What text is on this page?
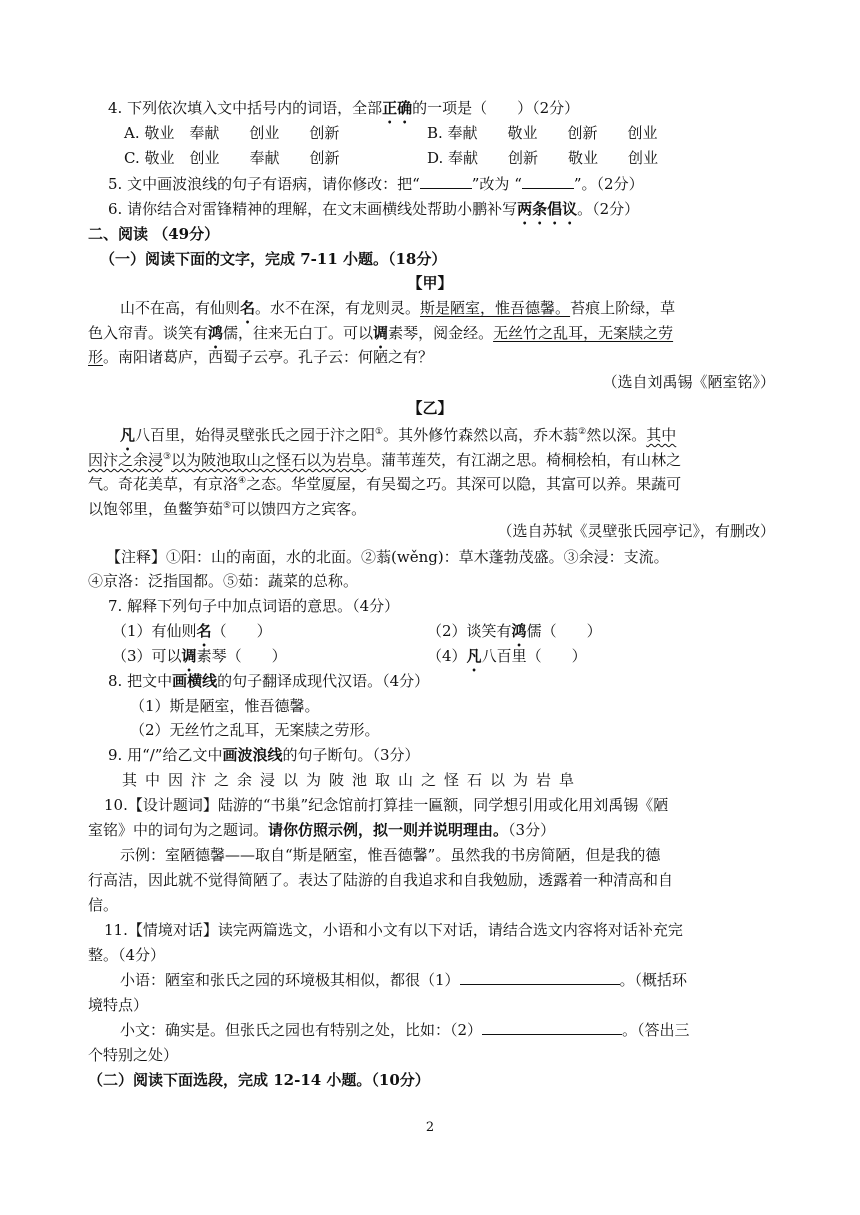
4. 下列依次填入文中括号内的词语，全部正确的一项是（　　）（2分）
A. 敬业　奉献　　创业　　创新	B. 奉献　　敬业　　创新　　创业
C. 敬业　创业　　奉献　　创新	D. 奉献　　创新　　敬业　　创业
5. 文中画波浪线的句子有语病，请你修改：把“	”改为 “	”。（2分）
6. 请你结合对雷锋精神的理解，在文末画横线处帮助小鹏补写两条倡议。（2分）
二、阅读 （49分）
（一）阅读下面的文字，完成 7-11 小题。（18分）
【甲】
山不在高，有仙则名。水不在深，有龙则灵。斯是陋室，惟吾德馨。苔痕上阶绿，草
色入帘青。谈笑有鸿儒，往来无白丁。可以调素琴，阅金经。无丝竹之乱耳，无案牍之劳
形。南阳诸葛庐，西蜀子云亭。孔子云：何陋之有？
（选自刘禹锡《陋室铭》）
【乙】
凡八百里，始得灵壁张氏之园于汴之阳①。其外修竹森然以高，乔木蓊②然以深。其中
因汴之余浸③以为陂池取山之怪石以为岩阜。蒲苇莲芡，有江湖之思。椅桐桧柏，有山林之
气。奇花美草，有京洛④之态。华堂厦屋，有吴蜀之巧。其深可以隐，其富可以养。果蔬可
以饱邻里，鱼鳖笋茹⑤可以馈四方之宾客。
（选自苏轼《灵壁张氏园亭记》，有删改）
【注释】①阳：山的南面，水的北面。②蓊(wěng)：草木蓬勃茂盛。③余浸：支流。
④京洛：泛指国都。⑤茹：蔬菜的总称。
7. 解释下列句子中加点词语的意思。（4分）
（1）有仙则名（　　）	（2）谈笑有鸿儒（　　）
（3）可以调素琴（　　）	（4）凡八百里（　　）
8. 把文中画横线的句子翻译成现代汉语。（4分）
（1）斯是陋室，惟吾德馨。
（2）无丝竹之乱耳，无案牍之劳形。
9. 用“/”给乙文中画波浪线的句子断句。（3分）
其中因汴之余浸以为陂池取山之怪石以为岩阜
10.【设计题词】陆游的“书巢”纪念馆前打算挂一匾额，同学想引用或化用刘禹锡《陋
室铭》中的词句为之题词。请你仿照示例，拟一则并说明理由。（3分）
示例：室陋德馨——取自“斯是陋室，惟吾德馨”。虽然我的书房简陋，但是我的德
行高洁，因此就不觉得简陋了。表达了陆游的自我追求和自我勉励，透露着一种清高和自
信。
11.【情境对话】读完两篇选文，小语和小文有以下对话，请结合选文内容将对话补充完
整。（4分）
小语：陋室和张氏之园的环境极其相似，都很（1）	。（概括环
境特点）
小文：确实是。但张氏之园也有特别之处，比如：（2）	。（答出三
个特别之处）
（二）阅读下面选段，完成 12-14 小题。（10分）
2
